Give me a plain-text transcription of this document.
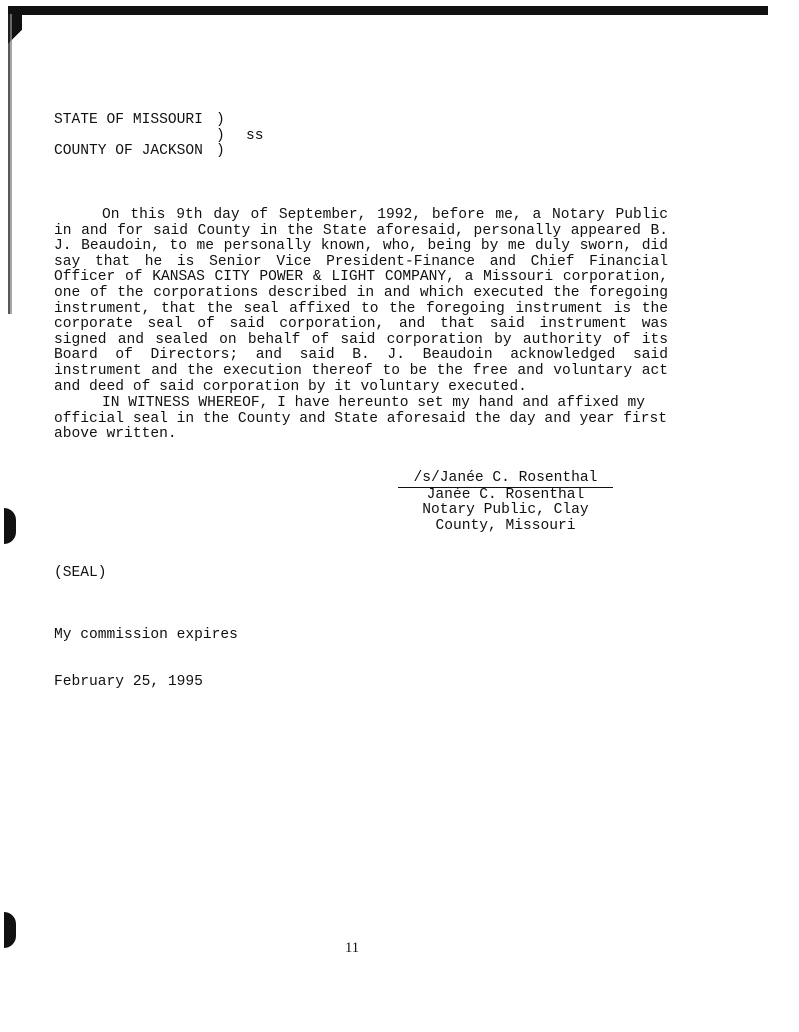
STATE OF MISSOURI

)

)

ss

COUNTY OF JACKSON

)

On this 9th day of September, 1992, before me, a Notary Public in and for said County in the State aforesaid, personally appeared B. J. Beaudoin, to me personally known, who, being by me duly sworn, did say that he is Senior Vice President-Finance and Chief Financial Officer of KANSAS CITY POWER & LIGHT COMPANY, a Missouri corporation, one of the corporations described in and which executed the foregoing instrument, that the seal affixed to the foregoing instrument is the corporate seal of said corporation, and that said instrument was signed and sealed on behalf of said corporation by authority of its Board of Directors; and said B. J. Beaudoin acknowledged said instrument and the execution thereof to be the free and voluntary act and deed of said corporation by it voluntary executed.
IN WITNESS WHEREOF, I have hereunto set my hand and affixed my official seal in the County and State aforesaid the day and year first above written.
/s/Janée C. Rosenthal
Janée C. Rosenthal
Notary Public, Clay
County, Missouri
(SEAL)

My commission expires

February 25, 1995

11
